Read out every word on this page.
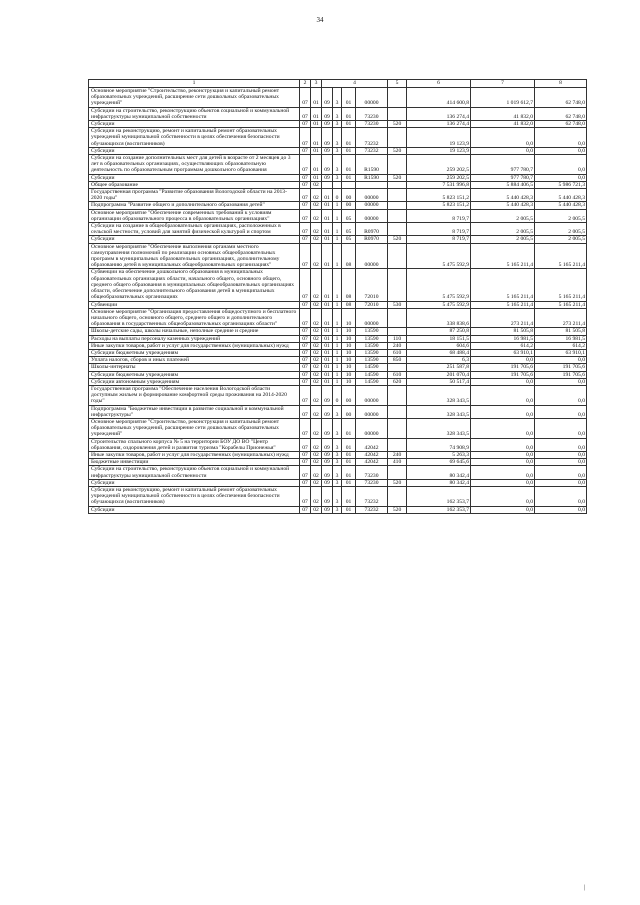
34
1	2	3	4				5	6	7	8
Основное мероприятие "Строительство, реконструкция и капитальный ремонт образовательных учреждений, расширение сети дошкольных образовательных учреждений"	07	01	09	3	01	00000		414 600,8	1 019 612,7	62 748,0
Субсидии на строительство, реконструкцию объектов социальной и коммунальной инфраструктуры муниципальной собственности	07	01	09	3	01	73230		136 274,4	41 832,0	62 748,0
Субсидии	07	01	09	3	01	73230	520	136 274,4	41 832,0	62 748,0
Субсидии на реконструкцию, ремонт и капитальный ремонт образовательных учреждений муниципальной собственности в целях обеспечения безопасности обучающихся (воспитанников)	07	01	09	3	01	73232		19 123,9	0,0	0,0
Субсидии	07	01	09	3	01	73232	520	19 123,9	0,0	0,0
Субсидии на создание дополнительных мест для детей в возрасте от 2 месяцев до 3 лет в образовательных организациях, осуществляющих образовательную деятельность по образовательным программам дошкольного образования	07	01	09	3	01	R1590		259 202,5	977 780,7	0,0
Субсидии	07	01	09	3	01	R1590	520	259 202,5	977 780,7	0,0
Общее образование	07	02						7 531 996,8	5 884 406,5	5 986 721,3
Государственная программа "Развитие образования Вологодской области на 2013-2020 годы"	07	02	01	0	00	00000		5 823 151,2	5 440 428,3	5 440 428,3
Подпрограмма "Развитие общего и дополнительного образования детей"	07	02	01	1	00	00000		5 823 151,2	5 440 428,3	5 440 428,3
Основное мероприятие "Обеспечение современных требований к условиям организации образовательного процесса в образовательных организациях"	07	02	01	1	05	00000		8 719,7	2 005,5	2 005,5
Субсидии на создание в общеобразовательных организациях, расположенных в сельской местности, условий для занятий физической культурой и спортом	07	02	01	1	05	R0970		8 719,7	2 005,5	2 005,5
Субсидии	07	02	01	1	05	R0970	520	8 719,7	2 005,5	2 005,5
Основное мероприятие "Обеспечение выполнения органами местного самоуправления полномочий по реализации основных общеобразовательных программ в муниципальных образовательных организациях, дополнительному образованию детей в муниципальных общеобразовательных организациях"	07	02	01	1	08	00000		5 475 592,9	5 165 211,4	5 165 211,4
Субвенции на обеспечение дошкольного образования в муниципальных образовательных организациях области, начального общего, основного общего, среднего общего образования в муниципальных общеобразовательных организациях области, обеспечение дополнительного образования детей в муниципальных общеобразовательных организациях	07	02	01	1	08	72010		5 475 592,9	5 165 211,4	5 165 211,4
Субвенции	07	02	01	1	08	72010	530	5 475 592,9	5 165 211,4	5 165 211,4
Основное мероприятие "Организация предоставления общедоступного и бесплатного начального общего, основного общего, среднего общего и дополнительного образования в государственных общеобразовательных организациях области"	07	02	01	1	10	00000		338 838,6	273 211,4	273 211,4
Школы-детские сады, школы начальные, неполные средние и средние	07	02	01	1	10	13590		87 250,8	81 505,8	81 505,8
Расходы на выплаты персоналу казенных учреждений	07	02	01	1	10	13590	110	18 151,5	16 981,5	16 981,5
Иные закупки товаров, работ и услуг для государственных (муниципальных) нужд	07	02	01	1	10	13590	240	604,6	614,2	614,2
Субсидии бюджетным учреждениям	07	02	01	1	10	13590	610	68 488,4	63 910,1	63 910,1
Уплата налогов, сборов и иных платежей	07	02	01	1	10	13590	850	6,3	0,0	0,0
Школы-интернаты	07	02	01	1	10	14590		251 587,8	191 705,6	191 705,6
Субсидии бюджетным учреждениям	07	02	01	1	10	14590	610	201 070,4	191 705,6	191 705,6
Субсидии автономным учреждениям	07	02	01	1	10	14590	620	50 517,4	0,0	0,0
Государственная программа "Обеспечение населения Вологодской области доступным жильем и формирование комфортной среды проживания на 2014-2020 годы"	07	02	09	0	00	00000		328 343,5	0,0	0,0
Подпрограмма "Бюджетные инвестиции в развитие социальной и коммунальной инфраструктуры"	07	02	09	3	00	00000		328 343,5	0,0	0,0
Основное мероприятие "Строительство, реконструкция и капитальный ремонт образовательных учреждений, расширение сети дошкольных образовательных учреждений"	07	02	09	3	01	00000		328 343,5	0,0	0,0
Строительство спального корпуса № 5 на территории БОУ ДО ВО "Центр образования, оздоровления детей и развития туризма "Корабелы Прионежья"	07	02	09	3	01	42042		74 908,9	0,0	0,0
Иные закупки товаров, работ и услуг для государственных (муниципальных) нужд	07	02	09	3	01	42042	240	5 263,3	0,0	0,0
Бюджетные инвестиции	07	02	09	3	01	42042	410	69 645,6	0,0	0,0
Субсидии на строительство, реконструкцию объектов социальной и коммунальной инфраструктуры муниципальной собственности	07	02	09	3	01	73230		80 342,4	0,0	0,0
Субсидии	07	02	09	3	01	73230	520	80 342,4	0,0	0,0
Субсидии на реконструкцию, ремонт и капитальный ремонт образовательных учреждений муниципальной собственности в целях обеспечения безопасности обучающихся (воспитанников)	07	02	09	3	01	73232		162 353,7	0,0	0,0
Субсидии	07	02	09	3	01	73232	520	162 353,7	0,0	0,0
|
